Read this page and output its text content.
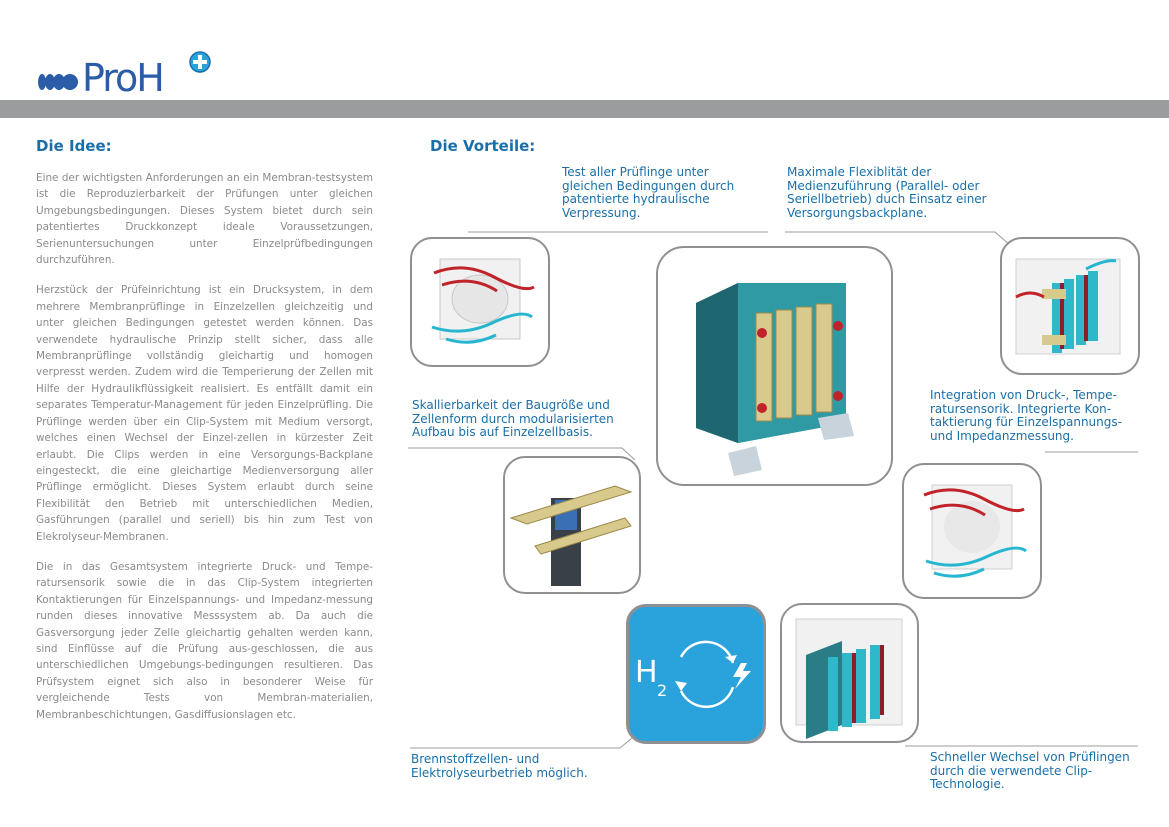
ProH
Die Idee:

Eine der wichtigsten Anforderungen an ein Membran-testsystem ist die Reproduzierbarkeit der Prüfungen unter gleichen Umgebungsbedingungen. Dieses System bietet durch sein patentiertes Druckkonzept ideale Voraussetzungen, Serienuntersuchungen unter Einzelprüfbedingungen durchzuführen.

Herzstück der Prüfeinrichtung ist ein Drucksystem, in dem mehrere Membranprüflinge in Einzelzellen gleichzeitig und unter gleichen Bedingungen getestet werden können. Das verwendete hydraulische Prinzip stellt sicher, dass alle Membranprüflinge vollständig gleichartig und homogen verpresst werden. Zudem wird die Temperierung der Zellen mit Hilfe der Hydraulikflüssigkeit realisiert. Es entfällt damit ein separates Temperatur-Management für jeden Einzelprüfling. Die Prüflinge werden über ein Clip-System mit Medium versorgt, welches einen Wechsel der Einzel-zellen in kürzester Zeit erlaubt. Die Clips werden in eine Versorgungs-Backplane eingesteckt, die eine gleichartige Medienversorgung aller Prüflinge ermöglicht. Dieses System erlaubt durch seine Flexibilität den Betrieb mit unterschiedlichen Medien, Gasführungen (parallel und seriell) bis hin zum Test von Elekrolyseur-Membranen.

Die in das Gesamtsystem integrierte Druck- und Tempe-ratursensorik sowie die in das Clip-System integrierten Kontaktierungen für Einzelspannungs- und Impedanz-messung runden dieses innovative Messsystem ab. Da auch die Gasversorgung jeder Zelle gleichartig gehalten werden kann, sind Einflüsse auf die Prüfung aus-geschlossen, die aus unterschiedlichen Umgebungs-bedingungen resultieren. Das Prüfsystem eignet sich also in besonderer Weise für vergleichende Tests von Membran-materialien, Membranbeschichtungen, Gasdiffusionslagen etc.

Die Vorteile:

Test aller Prüflinge unter gleichen Bedingungen durch patentierte hydraulische Verpressung.

Maximale Flexiblität der Medienzuführung (Parallel- oder Seriellbetrieb) duch Einsatz einer Versorgungsbackplane.

Skallierbarkeit der Baugröße und Zellenform durch modularisierten Aufbau bis auf Einzelzellbasis.

Integration von Druck-, Tempe-ratursensorik. Integrierte Kon-taktierung für Einzelspannungs-und Impedanzmessung.

Brennstoffzellen- und Elektrolyseurbetrieb möglich.

Schneller Wechsel von Prüflingen durch die verwendete Clip-Technologie.

H
2
